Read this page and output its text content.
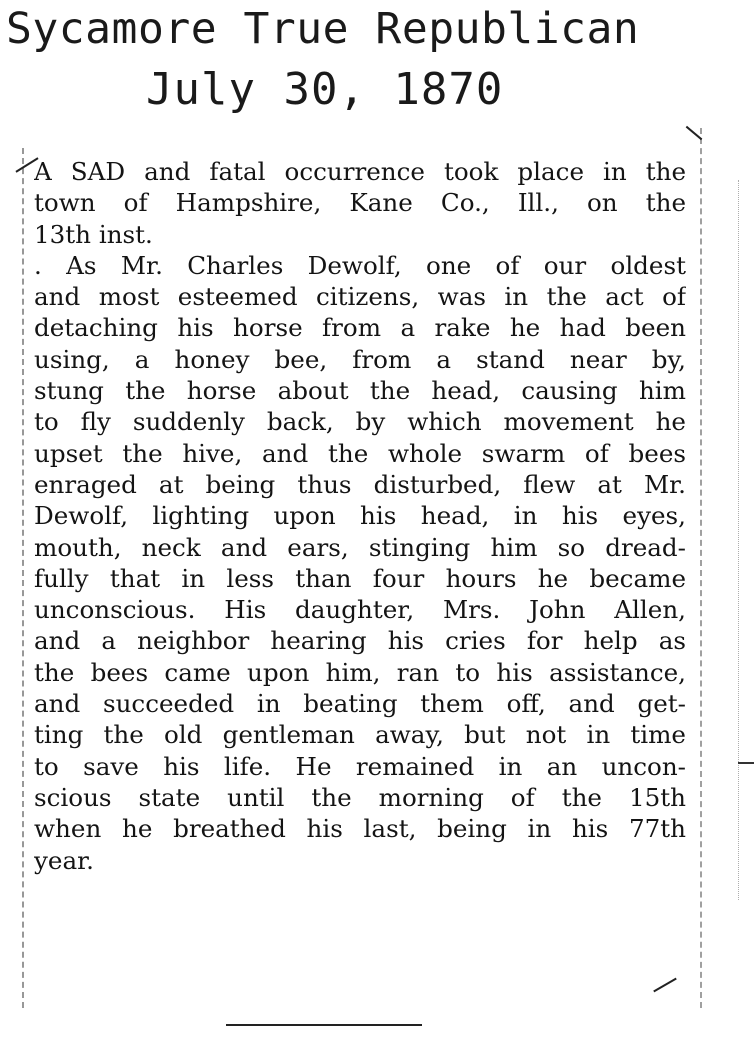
Sycamore True Republican
July 30, 1870
A SAD and fatal occurrence took place in the
town of Hampshire, Kane Co., Ill., on the
13th inst.
. As Mr. Charles Dewolf, one of our oldest
and most esteemed citizens, was in the act of
detaching his horse from a rake he had been
using, a honey bee, from a stand near by,
stung the horse about the head, causing him
to fly suddenly back, by which movement he
upset the hive, and the whole swarm of bees
enraged at being thus disturbed, flew at Mr.
Dewolf, lighting upon his head, in his eyes,
mouth, neck and ears, stinging him so dread-
fully that in less than four hours he became
unconscious. His daughter, Mrs. John Allen,
and a neighbor hearing his cries for help as
the bees came upon him, ran to his assistance,
and succeeded in beating them off, and get-
ting the old gentleman away, but not in time
to save his life. He remained in an uncon-
scious state until the morning of the 15th
when he breathed his last, being in his 77th
year.
